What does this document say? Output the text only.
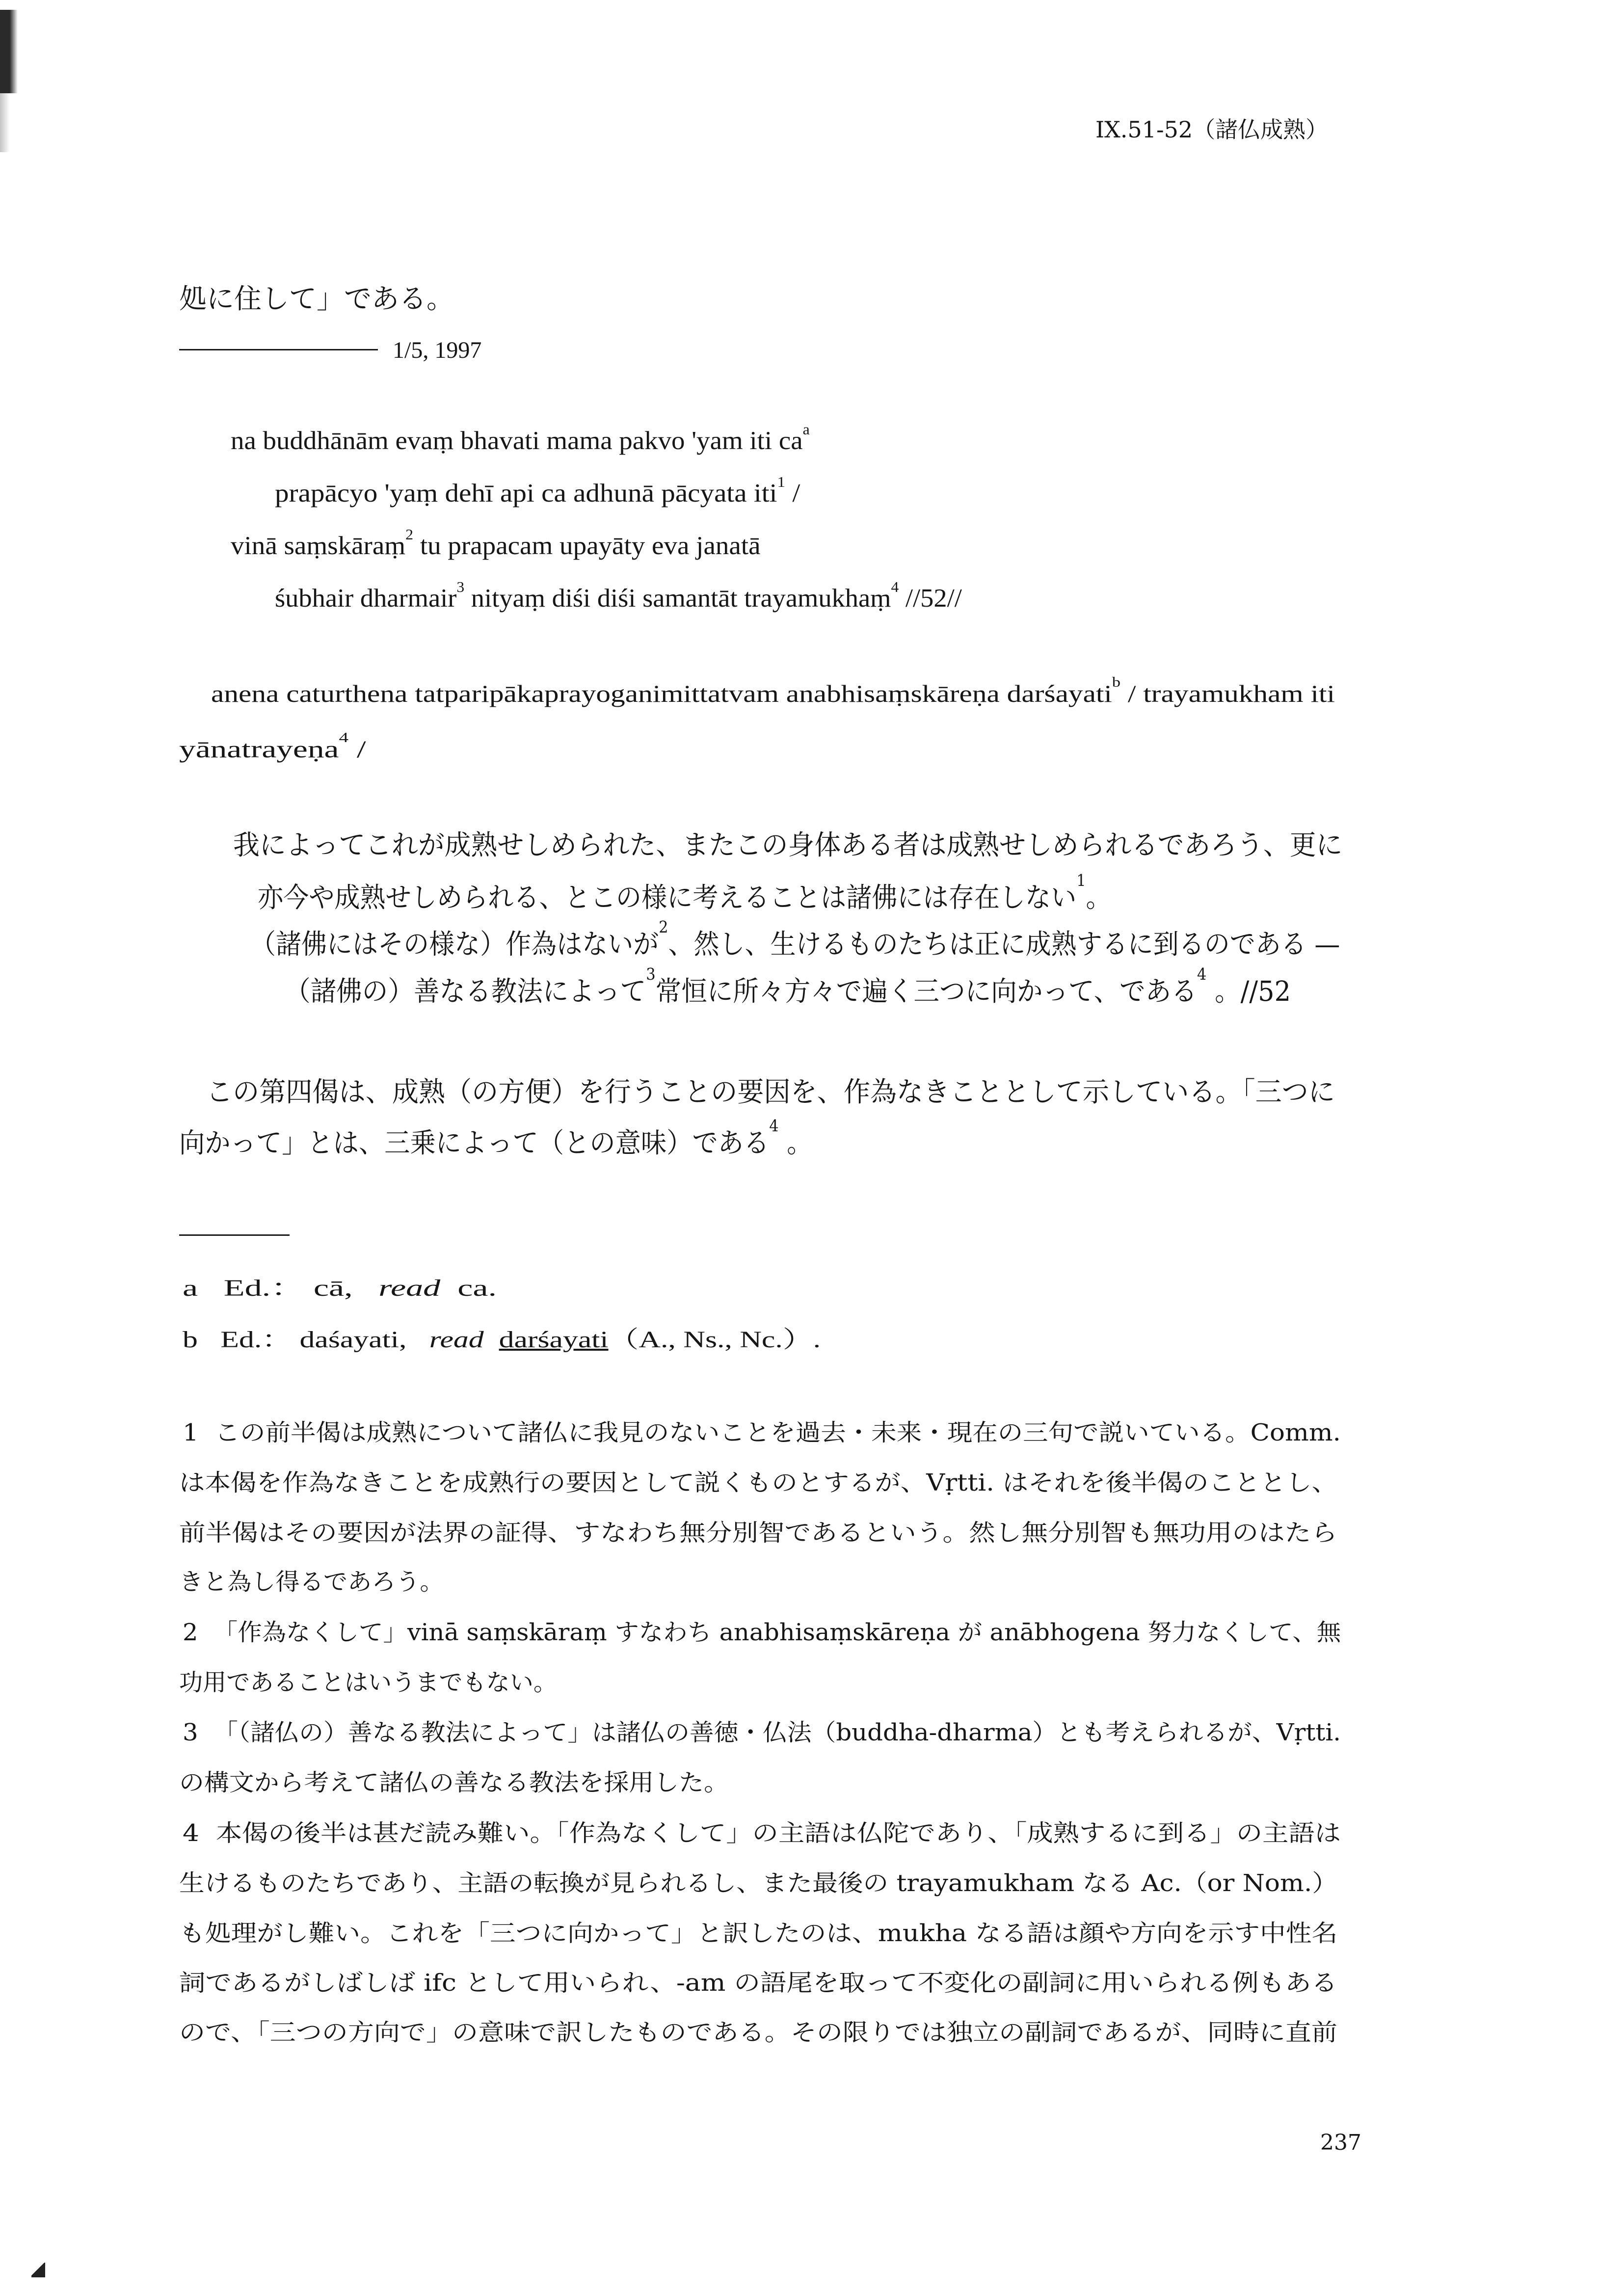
IX.51-52（諸仏成熟）
処に住して」である。
1/5, 1997
na buddhānām evaṃ bhavati mama pakvo 'yam iti $ca^a$
prapācyo 'yaṃ dehī api ca adhunā pācyata iti$^1$ /
vinā saṃskāraṃ$^2$ tu prapacam upayāty eva janatā
śubhair dharmair$^3$ nityaṃ diśi diśi samantāt trayamukhaṃ$^4$ //52//
anena caturthena tatparipākaprayoganimittatvam anabhisaṃskāreṇa darśayati$^b$ / trayamukham iti
yānatrayeṇa$^4$ /
我によってこれが成熟せしめられた、またこの身体ある者は成熟せしめられるであろう、更に
亦今や成熟せしめられる、とこの様に考えることは諸佛には存在しない$^1$。
（諸佛にはその様な）作為はないが$^2$、然し、生けるものたちは正に成熟するに到るのである —
（諸佛の）善なる教法によって$^3$常恒に所々方々で遍く三つに向かって、である$^4$ 。//52
この第四偈は、成熟（の方便）を行うことの要因を、作為なきこととして示している。「三つに
向かって」とは、三乗によって（との意味）である$^4$ 。
a Ed.： cā, read ca.
b Ed.： daśayati, read darśayati（A., Ns., Nc.）.
1 この前半偈は成熟について諸仏に我見のないことを過去・未来・現在の三句で説いている。Comm.
は本偈を作為なきことを成熟行の要因として説くものとするが、Vṛtti. はそれを後半偈のこととし、
前半偈はその要因が法界の証得、すなわち無分別智であるという。然し無分別智も無功用のはたら
きと為し得るであろう。
2 「作為なくして」vinā saṃskāraṃ すなわち anabhisaṃskāreṇa が anābhogena 努力なくして、無
功用であることはいうまでもない。
3 「（諸仏の）善なる教法によって」は諸仏の善徳・仏法（buddha-dharma）とも考えられるが、Vṛtti.
の構文から考えて諸仏の善なる教法を採用した。
4 本偈の後半は甚だ読み難い。「作為なくして」の主語は仏陀であり、「成熟するに到る」の主語は
生けるものたちであり、主語の転換が見られるし、また最後の trayamukham なる Ac.（or Nom.）
も処理がし難い。これを「三つに向かって」と訳したのは、mukha なる語は顔や方向を示す中性名
詞であるがしばしば ifc として用いられ、-am の語尾を取って不変化の副詞に用いられる例もある
ので、「三つの方向で」の意味で訳したものである。その限りでは独立の副詞であるが、同時に直前
237
